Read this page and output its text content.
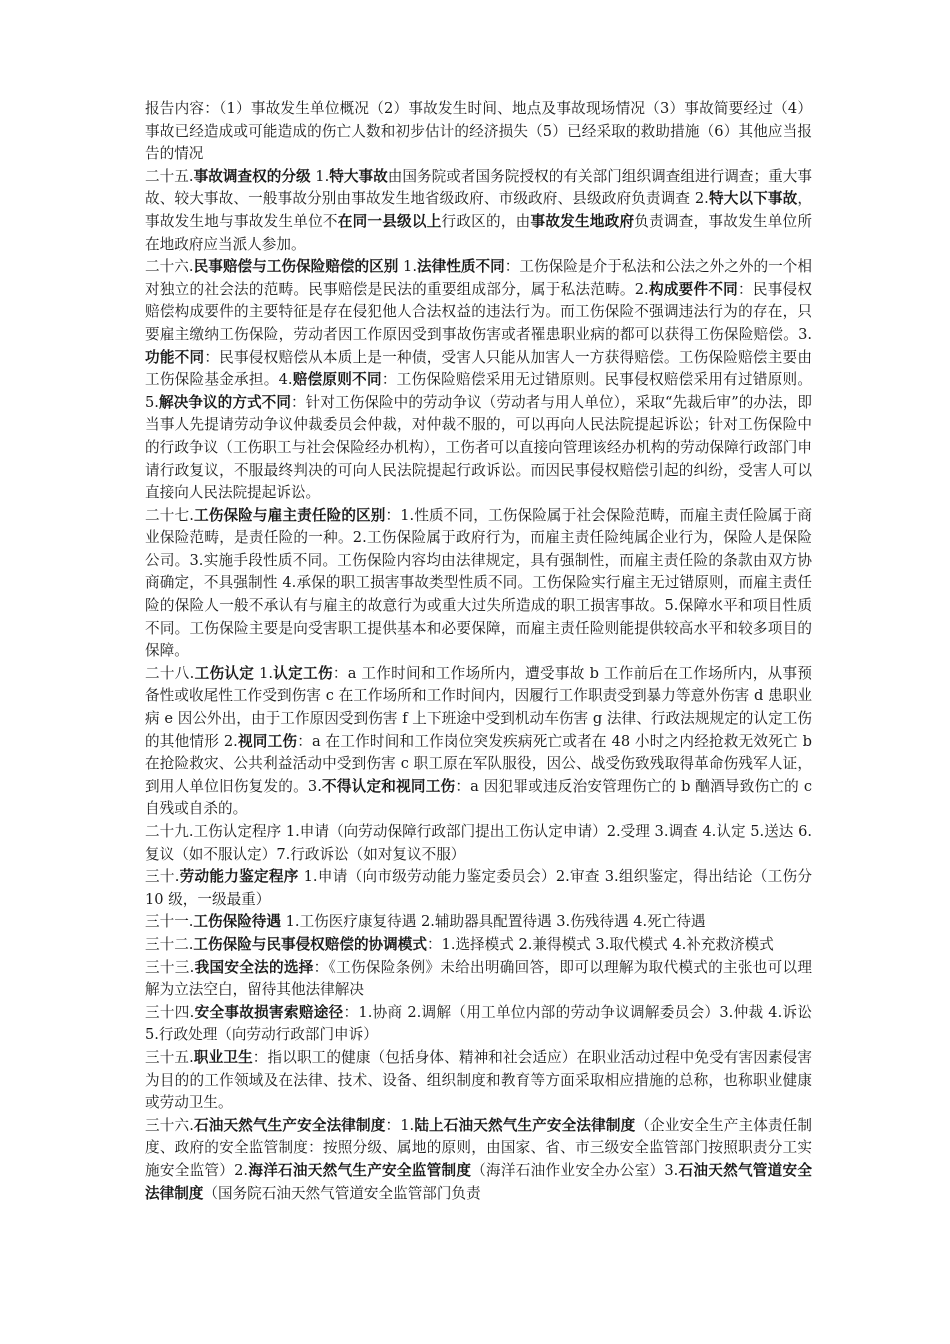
报告内容：（1）事故发生单位概况（2）事故发生时间、地点及事故现场情况（3）事故简要经过（4）事故已经造成或可能造成的伤亡人数和初步估计的经济损失（5）已经采取的救助措施（6）其他应当报告的情况

二十五.事故调查权的分级 1.特大事故由国务院或者国务院授权的有关部门组织调查组进行调查；重大事故、较大事故、一般事故分别由事故发生地省级政府、市级政府、县级政府负责调查 2.特大以下事故，事故发生地与事故发生单位不在同一县级以上行政区的，由事故发生地政府负责调查，事故发生单位所在地政府应当派人参加。

二十六.民事赔偿与工伤保险赔偿的区别 1.法律性质不同：工伤保险是介于私法和公法之外之外的一个相对独立的社会法的范畴。民事赔偿是民法的重要组成部分，属于私法范畴。2.构成要件不同：民事侵权赔偿构成要件的主要特征是存在侵犯他人合法权益的违法行为。而工伤保险不强调违法行为的存在，只要雇主缴纳工伤保险，劳动者因工作原因受到事故伤害或者罹患职业病的都可以获得工伤保险赔偿。3.功能不同：民事侵权赔偿从本质上是一种债，受害人只能从加害人一方获得赔偿。工伤保险赔偿主要由工伤保险基金承担。4.赔偿原则不同：工伤保险赔偿采用无过错原则。民事侵权赔偿采用有过错原则。5.解决争议的方式不同：针对工伤保险中的劳动争议（劳动者与用人单位），采取“先裁后审”的办法，即当事人先提请劳动争议仲裁委员会仲裁，对仲裁不服的，可以再向人民法院提起诉讼；针对工伤保险中的行政争议（工伤职工与社会保险经办机构），工伤者可以直接向管理该经办机构的劳动保障行政部门申请行政复议，不服最终判决的可向人民法院提起行政诉讼。而因民事侵权赔偿引起的纠纷，受害人可以直接向人民法院提起诉讼。

二十七.工伤保险与雇主责任险的区别：1.性质不同，工伤保险属于社会保险范畴，而雇主责任险属于商业保险范畴，是责任险的一种。2.工伤保险属于政府行为，而雇主责任险纯属企业行为，保险人是保险公司。3.实施手段性质不同。工伤保险内容均由法律规定，具有强制性，而雇主责任险的条款由双方协商确定，不具强制性 4.承保的职工损害事故类型性质不同。工伤保险实行雇主无过错原则，而雇主责任险的保险人一般不承认有与雇主的故意行为或重大过失所造成的职工损害事故。5.保障水平和项目性质不同。工伤保险主要是向受害职工提供基本和必要保障，而雇主责任险则能提供较高水平和较多项目的保障。

二十八.工伤认定 1.认定工伤：a 工作时间和工作场所内，遭受事故 b 工作前后在工作场所内，从事预备性或收尾性工作受到伤害 c 在工作场所和工作时间内，因履行工作职责受到暴力等意外伤害 d 患职业病 e 因公外出，由于工作原因受到伤害 f 上下班途中受到机动车伤害 g 法律、行政法规规定的认定工伤的其他情形 2.视同工伤：a 在工作时间和工作岗位突发疾病死亡或者在 48 小时之内经抢救无效死亡 b 在抢险救灾、公共利益活动中受到伤害 c 职工原在军队服役，因公、战受伤致残取得革命伤残军人证，到用人单位旧伤复发的。3.不得认定和视同工伤：a 因犯罪或违反治安管理伤亡的 b 酗酒导致伤亡的 c 自残或自杀的。

二十九.工伤认定程序 1.申请（向劳动保障行政部门提出工伤认定申请）2.受理 3.调查 4.认定 5.送达 6.复议（如不服认定）7.行政诉讼（如对复议不服）

三十.劳动能力鉴定程序 1.申请（向市级劳动能力鉴定委员会）2.审查 3.组织鉴定，得出结论（工伤分 10 级，一级最重）

三十一.工伤保险待遇 1.工伤医疗康复待遇 2.辅助器具配置待遇 3.伤残待遇 4.死亡待遇

三十二.工伤保险与民事侵权赔偿的协调模式：1.选择模式 2.兼得模式 3.取代模式 4.补充救济模式

三十三.我国安全法的选择：《工伤保险条例》未给出明确回答，即可以理解为取代模式的主张也可以理解为立法空白，留待其他法律解决

三十四.安全事故损害索赔途径：1.协商 2.调解（用工单位内部的劳动争议调解委员会）3.仲裁 4.诉讼 5.行政处理（向劳动行政部门申诉）

三十五.职业卫生：指以职工的健康（包括身体、精神和社会适应）在职业活动过程中免受有害因素侵害为目的的工作领域及在法律、技术、设备、组织制度和教育等方面采取相应措施的总称，也称职业健康或劳动卫生。

三十六.石油天然气生产安全法律制度：1.陆上石油天然气生产安全法律制度（企业安全生产主体责任制度、政府的安全监管制度：按照分级、属地的原则，由国家、省、市三级安全监管部门按照职责分工实施安全监管）2.海洋石油天然气生产安全监管制度（海洋石油作业安全办公室）3.石油天然气管道安全法律制度（国务院石油天然气管道安全监管部门负责
